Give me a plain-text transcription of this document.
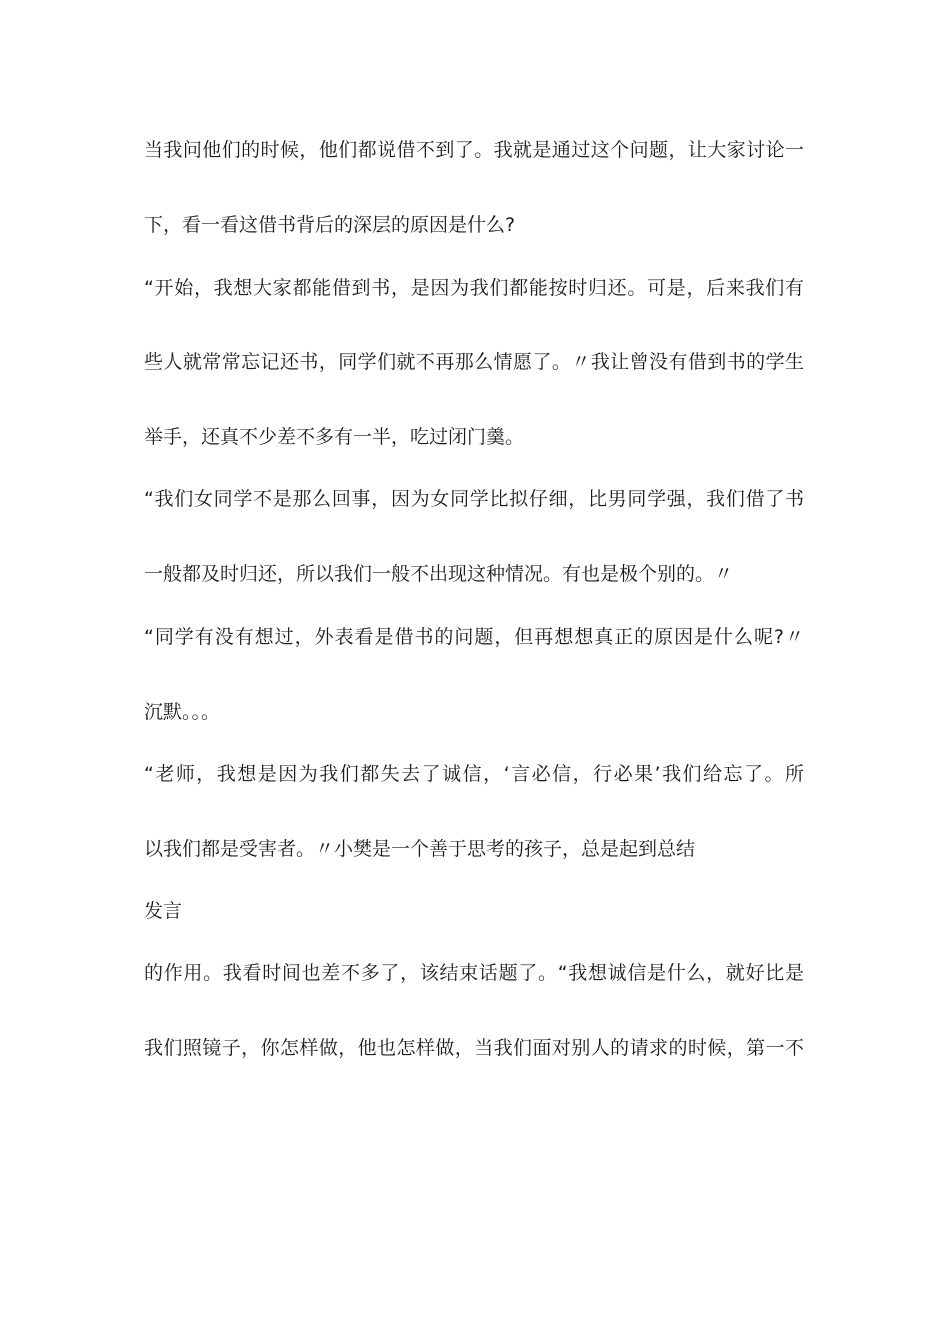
当我问他们的时候，他们都说借不到了。我就是通过这个问题，让大家讨论一
下，看一看这借书背后的深层的原因是什么?
“开始，我想大家都能借到书，是因为我们都能按时归还。可是，后来我们有
些人就常常忘记还书，同学们就不再那么情愿了。〃我让曾没有借到书的学生
举手，还真不少差不多有一半，吃过闭门羹。
“我们女同学不是那么回事，因为女同学比拟仔细，比男同学强，我们借了书
一般都及时归还，所以我们一般不出现这种情况。有也是极个别的。〃
“同学有没有想过，外表看是借书的问题，但再想想真正的原因是什么呢?〃
沉默。。。
“老师，我想是因为我们都失去了诚信，‘言必信，行必果’我们给忘了。所
以我们都是受害者。〃小樊是一个善于思考的孩子，总是起到总结
发言
的作用。我看时间也差不多了，该结束话题了。“我想诚信是什么，就好比是
我们照镜子，你怎样做，他也怎样做，当我们面对别人的请求的时候，第一不
